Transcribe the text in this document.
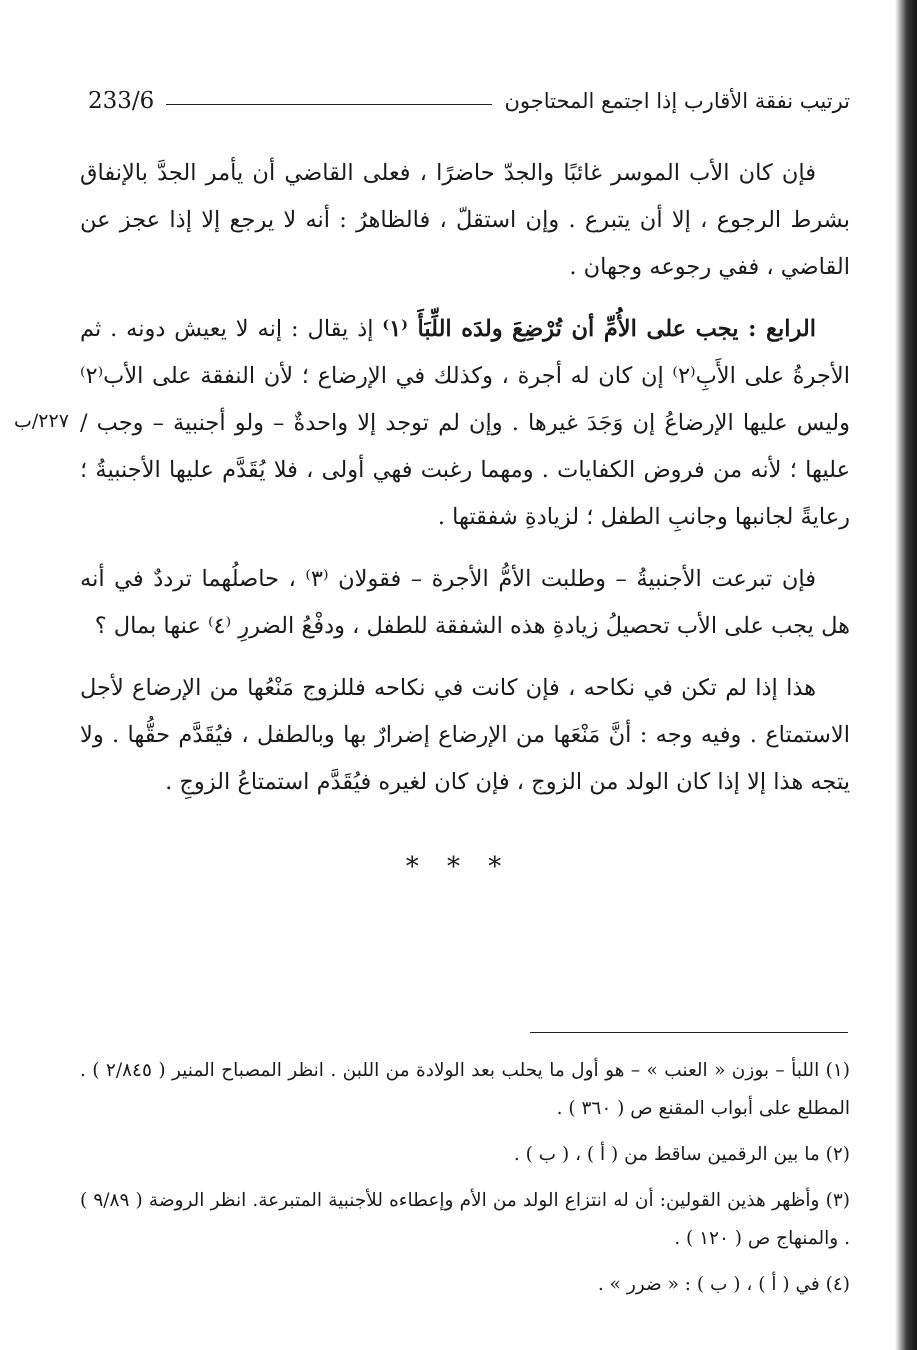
233/6	ترتيب نفقة الأقارب إذا اجتمع المحتاجون

فإن كان الأب الموسر غائبًا والجدّ حاضرًا ، فعلى القاضي أن يأمر الجدَّ بالإنفاق بشرط الرجوع ، إلا أن يتبرع . وإن استقلّ ، فالظاهرُ : أنه لا يرجع إلا إذا عجز عن القاضي ، ففي رجوعه وجهان .

الرابع : يجب على الأُمِّ أن تُرْضِعَ ولدَه اللِّبَأَ ⁽١⁾ إذ يقال : إنه لا يعيش دونه . ثم الأجرةُ على الأَبِ⁽٢⁾ إن كان له أجرة ، وكذلك في الإرضاع ؛ لأن النفقة على الأب⁽٢⁾ وليس عليها الإرضاعُ إن وَجَدَ غيرها . وإن لم توجد إلا واحدةٌ – ولو أجنبية – وجب / عليها ؛ لأنه من فروض الكفايات . ومهما رغبت فهي أولى ، فلا يُقَدَّم عليها الأجنبيةُ ؛ رعايةً لجانبها وجانبِ الطفل ؛ لزيادةِ شفقتها .

فإن تبرعت الأجنبيةُ – وطلبت الأمُّ الأجرة – فقولان ⁽٣⁾ ، حاصلُهما ترددٌ في أنه هل يجب على الأب تحصيلُ زيادةِ هذه الشفقة للطفل ، ودفْعُ الضررِ ⁽٤⁾ عنها بمال ؟

هذا إذا لم تكن في نكاحه ، فإن كانت في نكاحه فللزوج مَنْعُها من الإرضاع لأجل الاستمتاع . وفيه وجه : أنَّ مَنْعَها من الإرضاع إضرارٌ بها وبالطفل ، فيُقَدَّم حقُّها . ولا يتجه هذا إلا إذا كان الولد من الزوج ، فإن كان لغيره فيُقَدَّم استمتاعُ الزوجِ .

٢٢٧/ب
* * *

(١) اللبأ – بوزن « العنب » – هو أول ما يحلب بعد الولادة من اللبن . انظر المصباح المنير ( ٢/٨٤٥ ) . المطلع على أبواب المقنع ص ( ٣٦٠ ) .

(٢) ما بين الرقمين ساقط من ( أ ) ، ( ب ) .

(٣) وأظهر هذين القولين: أن له انتزاع الولد من الأم وإعطاءه للأجنبية المتبرعة. انظر الروضة ( ٩/٨٩ ) . والمنهاج ص ( ١٢٠ ) .

(٤) في ( أ ) ، ( ب ) : « ضرر » .
